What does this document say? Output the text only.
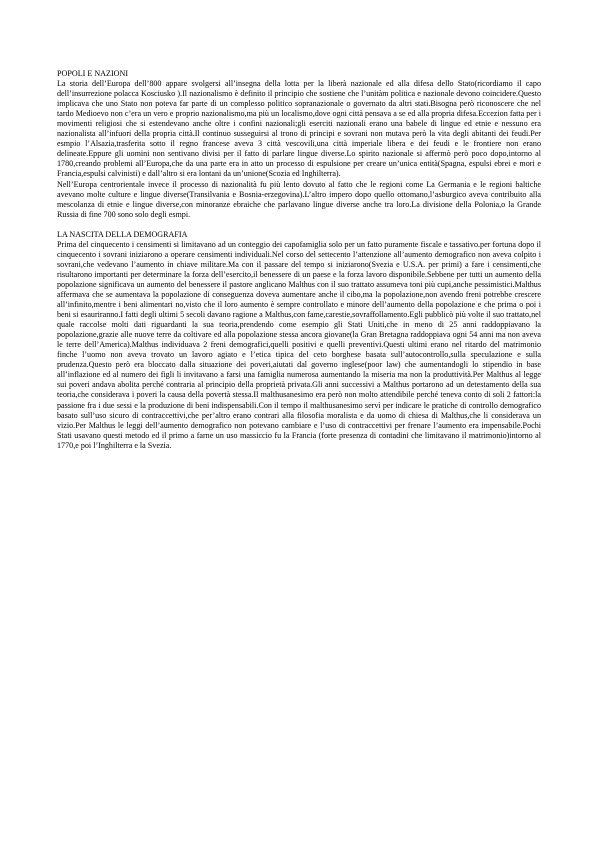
POPOLI E NAZIONI

La storia dell’Europa dell’800 appare svolgersi all’insegna della lotta per la liberà nazionale ed alla difesa dello Stato(ricordiamo il capo dell’insurrezione polacca Kosciusko ).Il nazionalismo è definito il principio che sostiene che l’unitàm politica e nazionale devono coincidere.Questo implicava che uno Stato non poteva far parte di un complesso politico sopranazionale o governato da altri stati.Bisogna però riconoscere che nel tardo Medioevo non c’era un vero e proprio nazionalismo,ma più un localismo,dove ogni città pensava a se ed alla propria difesa.Eccezion fatta per i movimenti religiosi che si estendevano anche oltre i confini nazionali;gli eserciti nazionali erano una babele di lingue ed etnie e nessuno era nazionalista all’infuori della propria città.Il continuo susseguirsi al trono di principi e sovrani non mutava però la vita degli abitanti dei feudi.Per esmpio l’Alsazia,trasferita sotto il regno francese aveva 3 città vescovili,una città imperiale libera e dei feudi e le frontiere non erano delineate.Eppure gli uomini non sentivano divisi per il fatto di parlare lingue diverse.Lo spirito nazionale si affermò però poco dopo,intorno al 1780,creando problemi all’Europa,che da una parte era in atto un processo di espulsione per creare un’unica entità(Spagna, espulsi ebrei e mori e Francia,espulsi calvinisti) e dall’altro si era lontani da un’unione(Scozia ed Inghilterra).

Nell’Europa centrorientale invece il processo di nazionalità fu più lento dovuto al fatto che le regioni come La Germania e le regioni baltiche avevano molte culture e lingue diverse(Transilvania e Bosnia-erzegovina).L’altro impero dopo quello ottomano,l’asburgico aveva contribuito alla mescolanza di etnie e lingue diverse,con minoranze ebraiche che parlavano lingue diverse anche tra loro.La divisione della Polonia,o la Grande Russia di fine 700 sono solo degli esmpi.

LA NASCITA DELLA DEMOGRAFIA

Prima del cinquecento i censimenti si limitavano ad un conteggio dei capofamiglia solo per un fatto puramente fiscale e tassativo.per fortuna dopo il cinquecento i sovrani iniziarono a operare censimenti individuali.Nel corso del settecento l’attenzione all’aumento demografico non aveva colpito i sovrani,che vedevano l’aumento in chiave militare.Ma con il passare del tempo si iniziarono(Svezia e U.S.A. per primi) a fare i censimenti,che risultarono importanti per determinare la forza dell’esercito,il benessere di un paese e la forza lavoro disponibile.Sebbene per tutti un aumento della popolazione significava un aumento del benessere il pastore anglicano Malthus con il suo trattato assumeva toni più cupi,anche pessimistici.Malthus affermava che se aumentava la popolazione di conseguenza doveva aumentare anche il cibo,ma la popolazione,non avendo freni potrebbe crescere all’infinito,mentre i beni alimentari no,visto che il loro aumento è sempre controllato e minore dell’aumento della popolazione e che prima o poi i beni si esauriranno.I fatti degli ultimi 5 secoli davano ragione a Malthus,con fame,carestie,sovraffollamento.Egli pubblicò più volte il suo trattato,nel quale raccolse molti dati riguardanti la sua teoria,prendendo come esempio gli Stati Uniti,che in meno di 25 anni raddoppiavano la popolazione,grazie alle nuove terre da coltivare ed alla popolazione stessa ancora giovane(la Gran Bretagna raddoppiava ogni 54 anni ma non aveva le terre dell’America).Malthus individuava 2 freni demografici,quelli positivi e quelli preventivi.Questi ultimi erano nel ritardo del matrimonio finche l’uomo non aveva trovato un lavoro agiato e l’etica tipica del ceto borghese basata sull’autocontrollo,sulla speculazione e sulla prudenza.Questo però era bloccato dalla situazione dei poveri,aiutati dal governo inglese(poor law) che aumentandogli lo stipendio in base all’inflazione ed al numero dei figli li invitavano a farsi una famiglia numerosa aumentando la miseria ma non la produttività.Per Malthus al legge sui poveri andava abolita perché contraria al principio della proprietà privata.Gli anni successivi a Malthus portarono ad un detestamento della sua teoria,che considerava i poveri la causa della povertà stessa.Il malthusanesimo era però non molto attendibile perché teneva conto di soli 2 fattori:la passione fra i due sessi e la produzione di beni indispensabili.Con il tempo il malthusanesimo servì per indicare le pratiche di controllo demografico basato sull’uso sicuro di contraccettivi,che per’altro erano contrari alla filosofia moralista e da uomo di chiesa di Malthus,che li considerava un vizio.Per Malthus le leggi dell’aumento demografico non potevano cambiare e l’uso di contraccettivi per frenare l’aumento era impensabile.Pochi Stati usavano questi metodo ed il primo a farne un uso massiccio fu la Francia (forte presenza di contadini che limitavano il matrimonio)intorno al 1770,e poi l’Inghilterra e la Svezia.
